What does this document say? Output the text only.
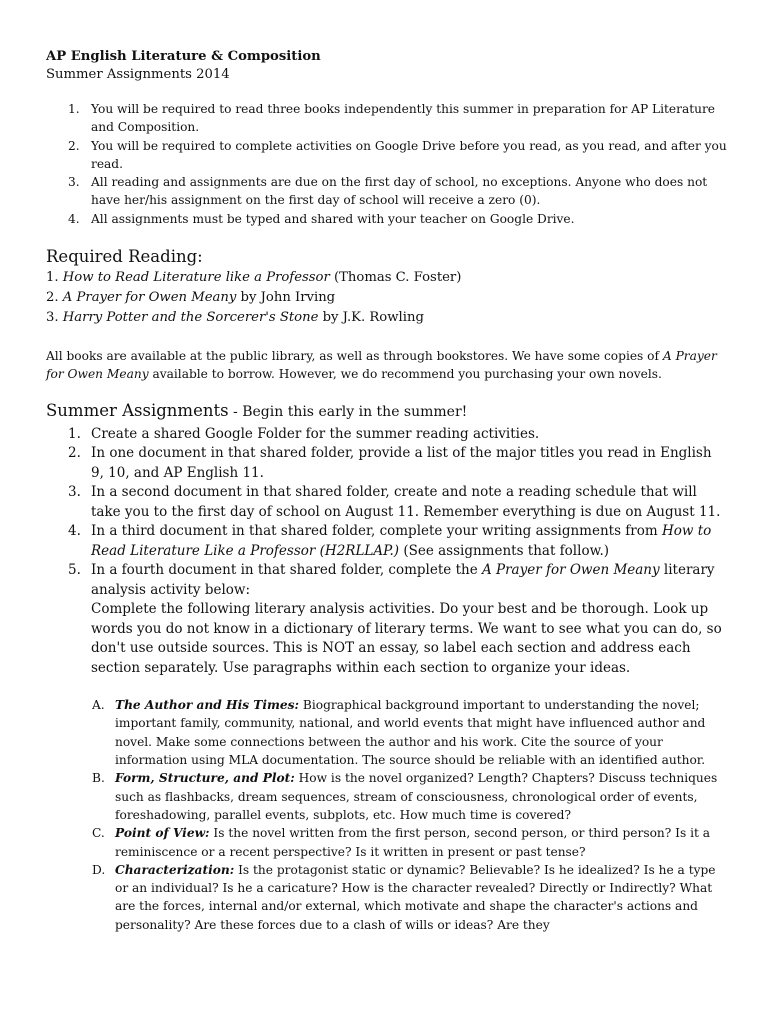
AP English Literature & Composition

Summer Assignments 2014

1. You will be required to read three books independently this summer in preparation for AP Literature and Composition.
2. You will be required to complete activities on Google Drive before you read, as you read, and after you read.
3. All reading and assignments are due on the first day of school, no exceptions. Anyone who does not have her/his assignment on the first day of school will receive a zero (0).
4. All assignments must be typed and shared with your teacher on Google Drive.
Required Reading:

1. How to Read Literature like a Professor (Thomas C. Foster)

2. A Prayer for Owen Meany by John Irving

3. Harry Potter and the Sorcerer's Stone by J.K. Rowling

All books are available at the public library, as well as through bookstores. We have some copies of A Prayer for Owen Meany available to borrow. However, we do recommend you purchasing your own novels.

Summer Assignments - Begin this early in the summer!
1. Create a shared Google Folder for the summer reading activities.
2. In one document in that shared folder, provide a list of the major titles you read in English 9, 10, and AP English 11.
3. In a second document in that shared folder, create and note a reading schedule that will take you to the first day of school on August 11. Remember everything is due on August 11.
4. In a third document in that shared folder, complete your writing assignments from How to Read Literature Like a Professor (H2RLLAP.) (See assignments that follow.)
5. In a fourth document in that shared folder, complete the A Prayer for Owen Meany literary analysis activity below:
Complete the following literary analysis activities. Do your best and be thorough. Look up words you do not know in a dictionary of literary terms. We want to see what you can do, so don't use outside sources. This is NOT an essay, so label each section and address each section separately. Use paragraphs within each section to organize your ideas.
A. The Author and His Times: Biographical background important to understanding the novel; important family, community, national, and world events that might have influenced author and novel. Make some connections between the author and his work. Cite the source of your information using MLA documentation. The source should be reliable with an identified author.
B. Form, Structure, and Plot: How is the novel organized? Length? Chapters? Discuss techniques such as flashbacks, dream sequences, stream of consciousness, chronological order of events, foreshadowing, parallel events, subplots, etc. How much time is covered?
C. Point of View: Is the novel written from the first person, second person, or third person? Is it a reminiscence or a recent perspective? Is it written in present or past tense?
D. Characterization: Is the protagonist static or dynamic? Believable? Is he idealized? Is he a type or an individual? Is he a caricature? How is the character revealed? Directly or Indirectly? What are the forces, internal and/or external, which motivate and shape the character's actions and personality? Are these forces due to a clash of wills or ideas? Are they
